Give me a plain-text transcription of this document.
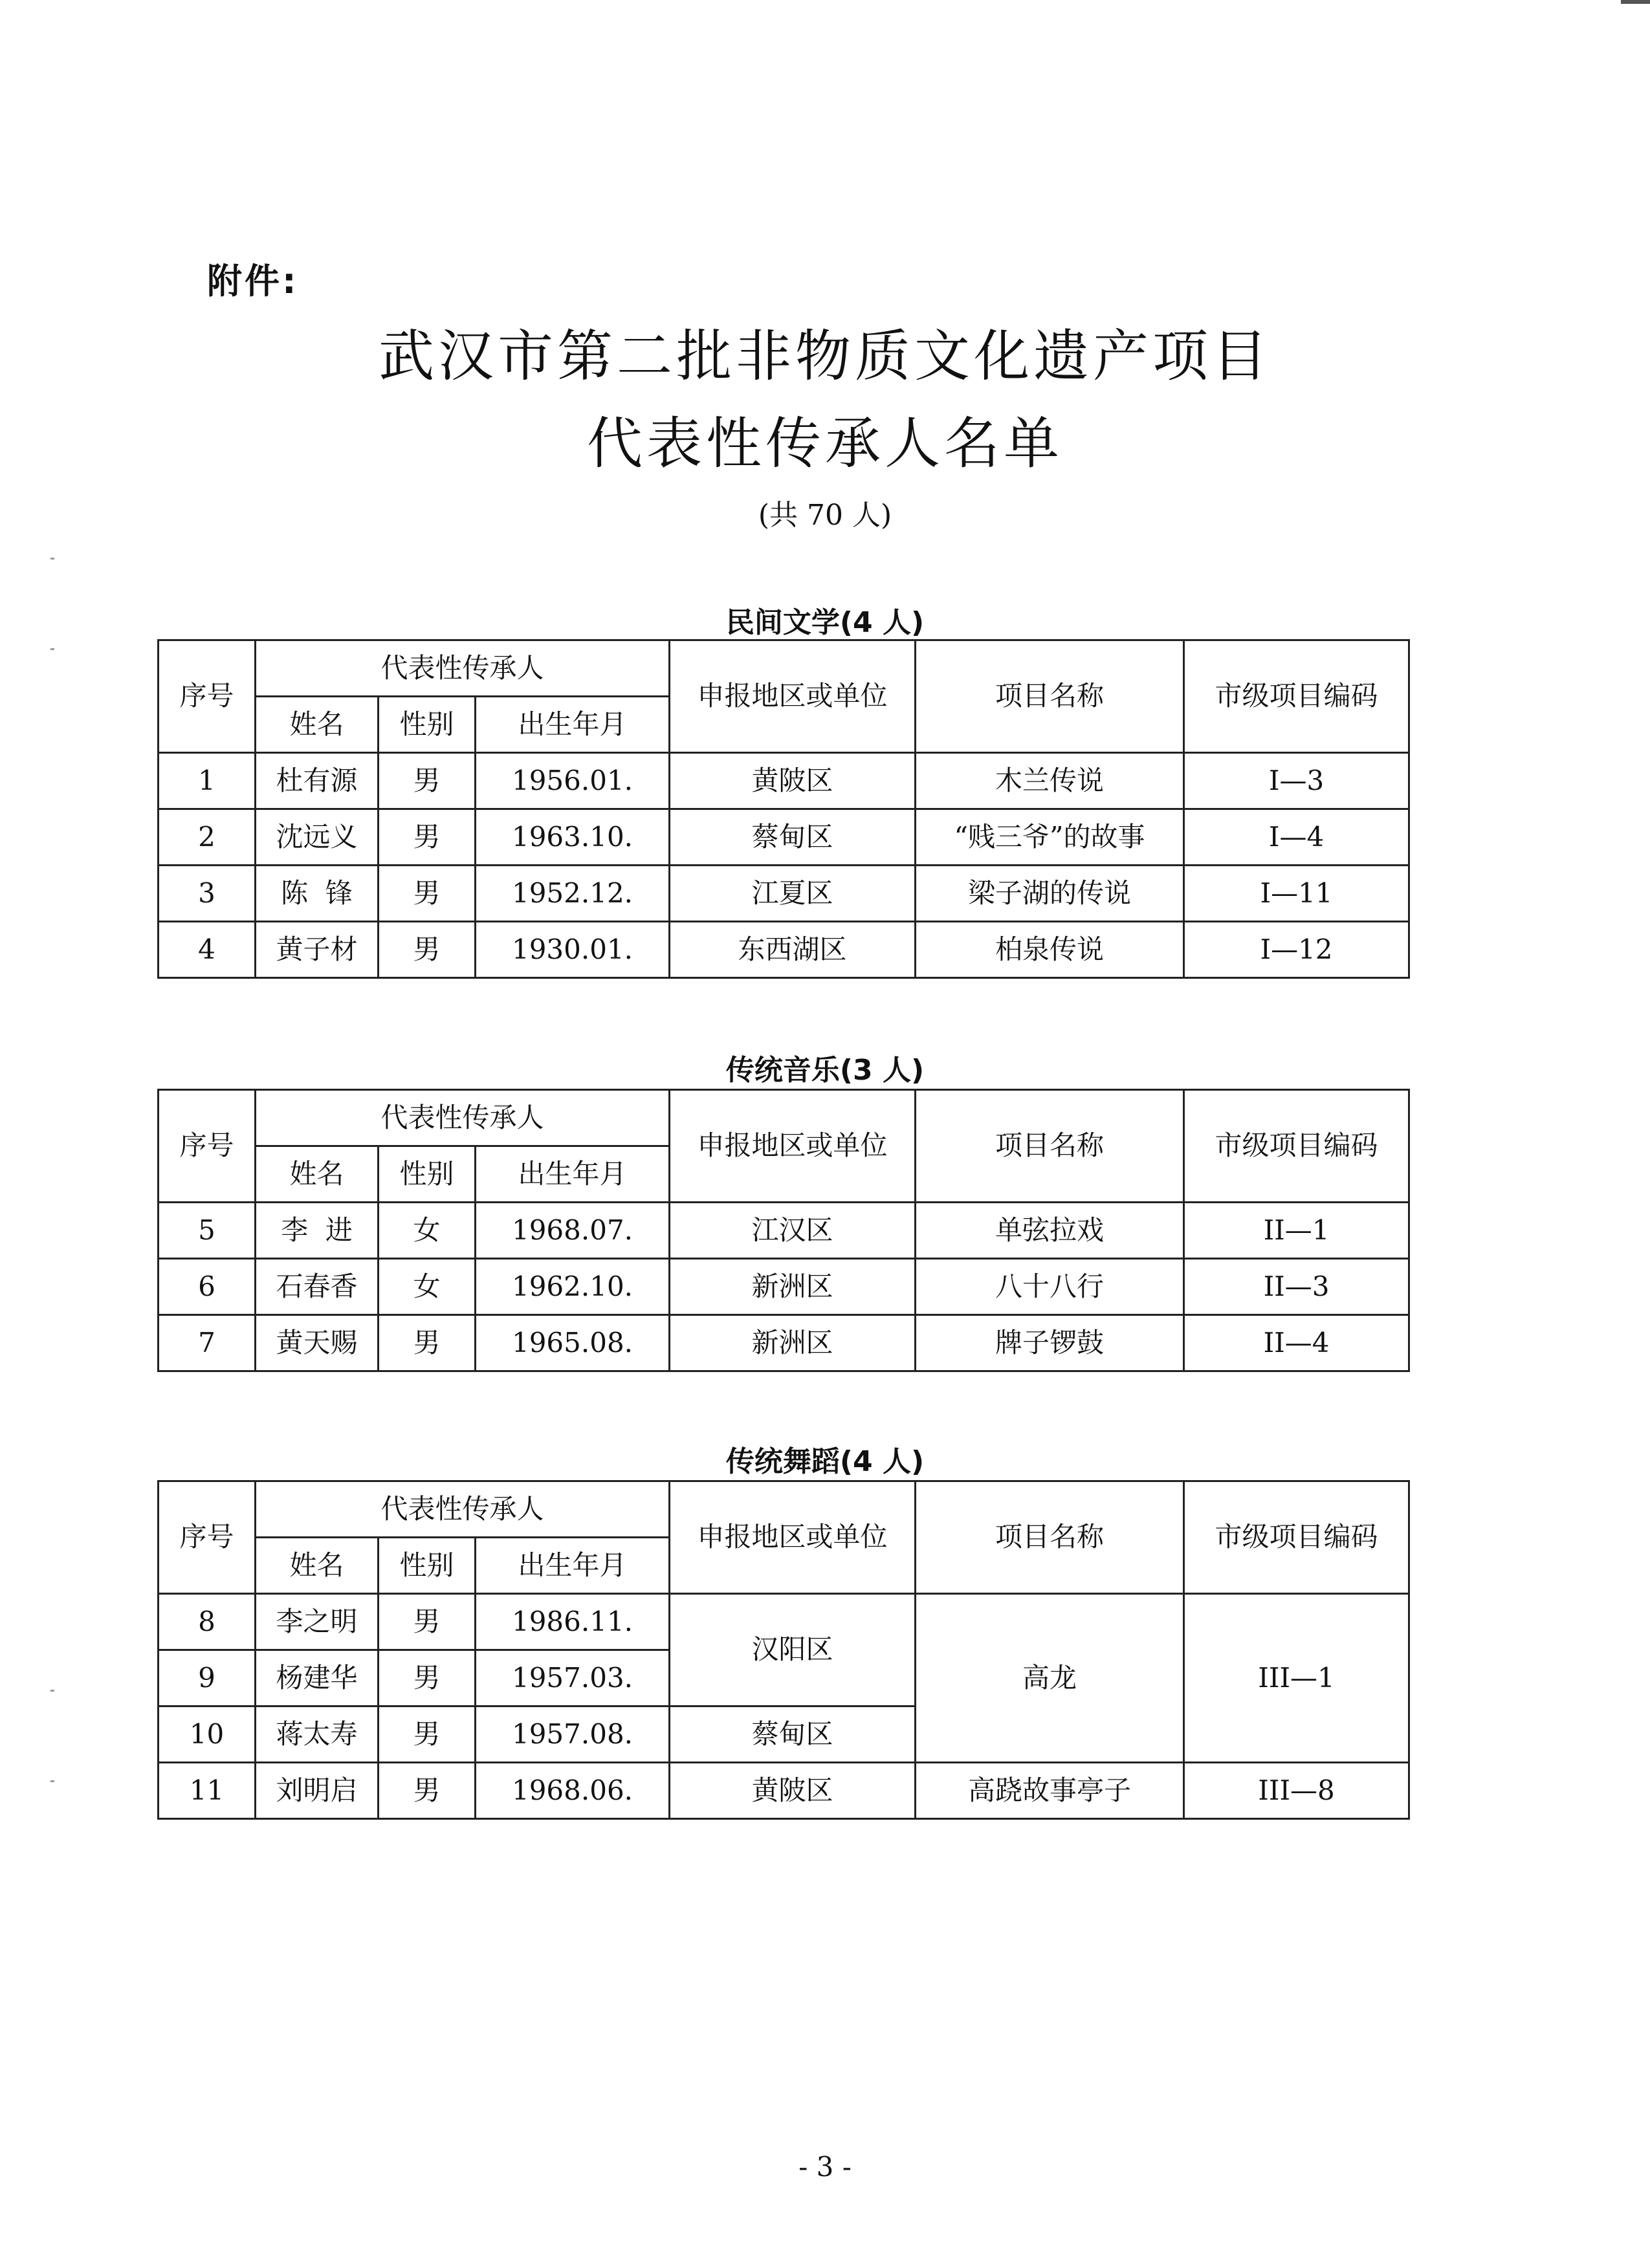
附件:
武汉市第二批非物质文化遗产项目
代表性传承人名单
(共 70 人)
民间文学(4 人)
序号	代表性传承人			申报地区或单位	项目名称	市级项目编码
	姓名	性别	出生年月			
1	杜有源	男	1956.01.	黄陂区	木兰传说	I—3
2	沈远义	男	1963.10.	蔡甸区	“贱三爷”的故事	I—4
3	陈  锋	男	1952.12.	江夏区	梁子湖的传说	I—11
4	黄子材	男	1930.01.	东西湖区	柏泉传说	I—12
传统音乐(3 人)
序号	代表性传承人			申报地区或单位	项目名称	市级项目编码
	姓名	性别	出生年月			
5	李  进	女	1968.07.	江汉区	单弦拉戏	II—1
6	石春香	女	1962.10.	新洲区	八十八行	II—3
7	黄天赐	男	1965.08.	新洲区	牌子锣鼓	II—4
传统舞蹈(4 人)
序号	代表性传承人			申报地区或单位	项目名称	市级项目编码
	姓名	性别	出生年月			
8	李之明	男	1986.11.	汉阳区	高龙	III—1
9	杨建华	男	1957.03.			
10	蒋太寿	男	1957.08.	蔡甸区		
11	刘明启	男	1968.06.	黄陂区	高跷故事亭子	III—8
- 3 -
